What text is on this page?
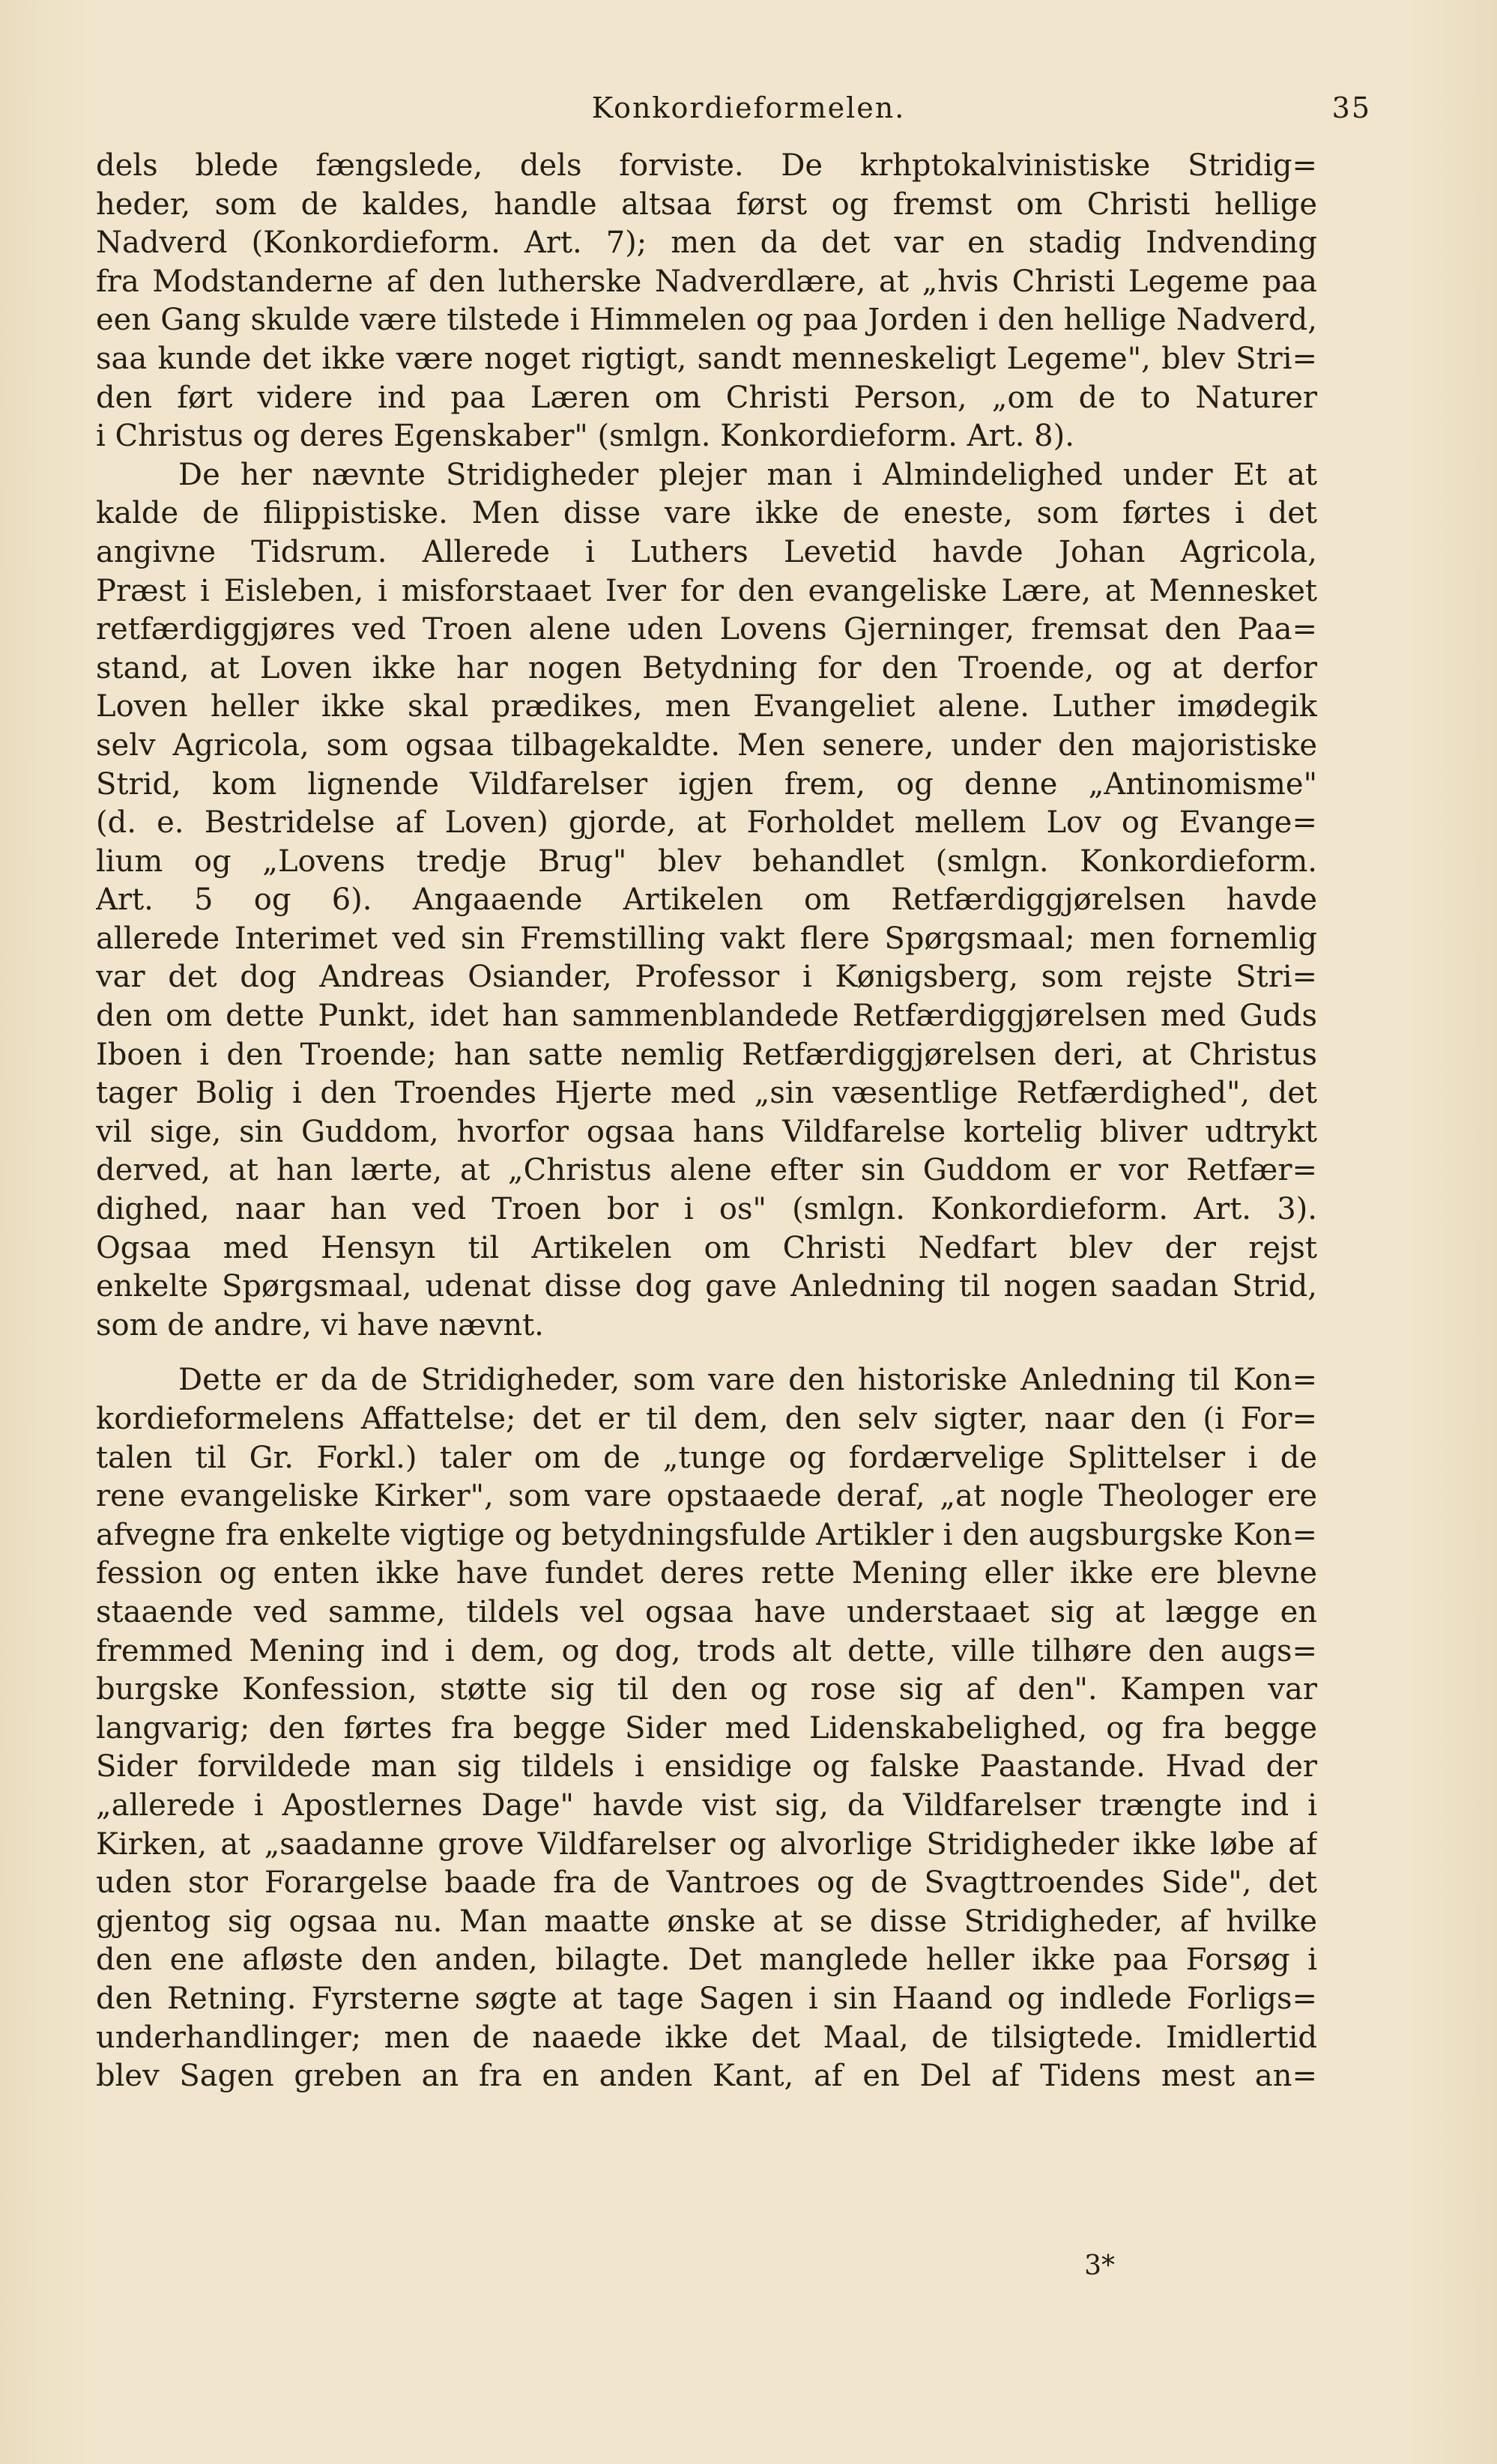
Konkordieformelen.	35
dels blede fængslede, dels forviste. De krhptokalvinistiske Stridig=
heder, som de kaldes, handle altsaa først og fremst om Christi hellige
Nadverd (Konkordieform. Art. 7); men da det var en stadig Indvending
fra Modstanderne af den lutherske Nadverdlære, at „hvis Christi Legeme paa
een Gang skulde være tilstede i Himmelen og paa Jorden i den hellige Nadverd,
saa kunde det ikke være noget rigtigt, sandt menneskeligt Legeme", blev Stri=
den ført videre ind paa Læren om Christi Person, „om de to Naturer
i Christus og deres Egenskaber" (smlgn. Konkordieform. Art. 8).
De her nævnte Stridigheder plejer man i Almindelighed under Et at
kalde de filippistiske. Men disse vare ikke de eneste, som førtes i det
angivne Tidsrum. Allerede i Luthers Levetid havde Johan Agricola,
Præst i Eisleben, i misforstaaet Iver for den evangeliske Lære, at Mennesket
retfærdiggjøres ved Troen alene uden Lovens Gjerninger, fremsat den Paa=
stand, at Loven ikke har nogen Betydning for den Troende, og at derfor
Loven heller ikke skal prædikes, men Evangeliet alene. Luther imødegik
selv Agricola, som ogsaa tilbagekaldte. Men senere, under den majoristiske
Strid, kom lignende Vildfarelser igjen frem, og denne „Antinomisme"
(d. e. Bestridelse af Loven) gjorde, at Forholdet mellem Lov og Evange=
lium og „Lovens tredje Brug" blev behandlet (smlgn. Konkordieform.
Art. 5 og 6). Angaaende Artikelen om Retfærdiggjørelsen havde
allerede Interimet ved sin Fremstilling vakt flere Spørgsmaal; men fornemlig
var det dog Andreas Osiander, Professor i Kønigsberg, som rejste Stri=
den om dette Punkt, idet han sammenblandede Retfærdiggjørelsen med Guds
Iboen i den Troende; han satte nemlig Retfærdiggjørelsen deri, at Christus
tager Bolig i den Troendes Hjerte med „sin væsentlige Retfærdighed", det
vil sige, sin Guddom, hvorfor ogsaa hans Vildfarelse kortelig bliver udtrykt
derved, at han lærte, at „Christus alene efter sin Guddom er vor Retfær=
dighed, naar han ved Troen bor i os" (smlgn. Konkordieform. Art. 3).
Ogsaa med Hensyn til Artikelen om Christi Nedfart blev der rejst
enkelte Spørgsmaal, udenat disse dog gave Anledning til nogen saadan Strid,
som de andre, vi have nævnt.
Dette er da de Stridigheder, som vare den historiske Anledning til Kon=
kordieformelens Affattelse; det er til dem, den selv sigter, naar den (i For=
talen til Gr. Forkl.) taler om de „tunge og fordærvelige Splittelser i de
rene evangeliske Kirker", som vare opstaaede deraf, „at nogle Theologer ere
afvegne fra enkelte vigtige og betydningsfulde Artikler i den augsburgske Kon=
fession og enten ikke have fundet deres rette Mening eller ikke ere blevne
staaende ved samme, tildels vel ogsaa have understaaet sig at lægge en
fremmed Mening ind i dem, og dog, trods alt dette, ville tilhøre den augs=
burgske Konfession, støtte sig til den og rose sig af den". Kampen var
langvarig; den førtes fra begge Sider med Lidenskabelighed, og fra begge
Sider forvildede man sig tildels i ensidige og falske Paastande. Hvad der
„allerede i Apostlernes Dage" havde vist sig, da Vildfarelser trængte ind i
Kirken, at „saadanne grove Vildfarelser og alvorlige Stridigheder ikke løbe af
uden stor Forargelse baade fra de Vantroes og de Svagttroendes Side", det
gjentog sig ogsaa nu. Man maatte ønske at se disse Stridigheder, af hvilke
den ene afløste den anden, bilagte. Det manglede heller ikke paa Forsøg i
den Retning. Fyrsterne søgte at tage Sagen i sin Haand og indlede Forligs=
underhandlinger; men de naaede ikke det Maal, de tilsigtede. Imidlertid
blev Sagen greben an fra en anden Kant, af en Del af Tidens mest an=
3*
